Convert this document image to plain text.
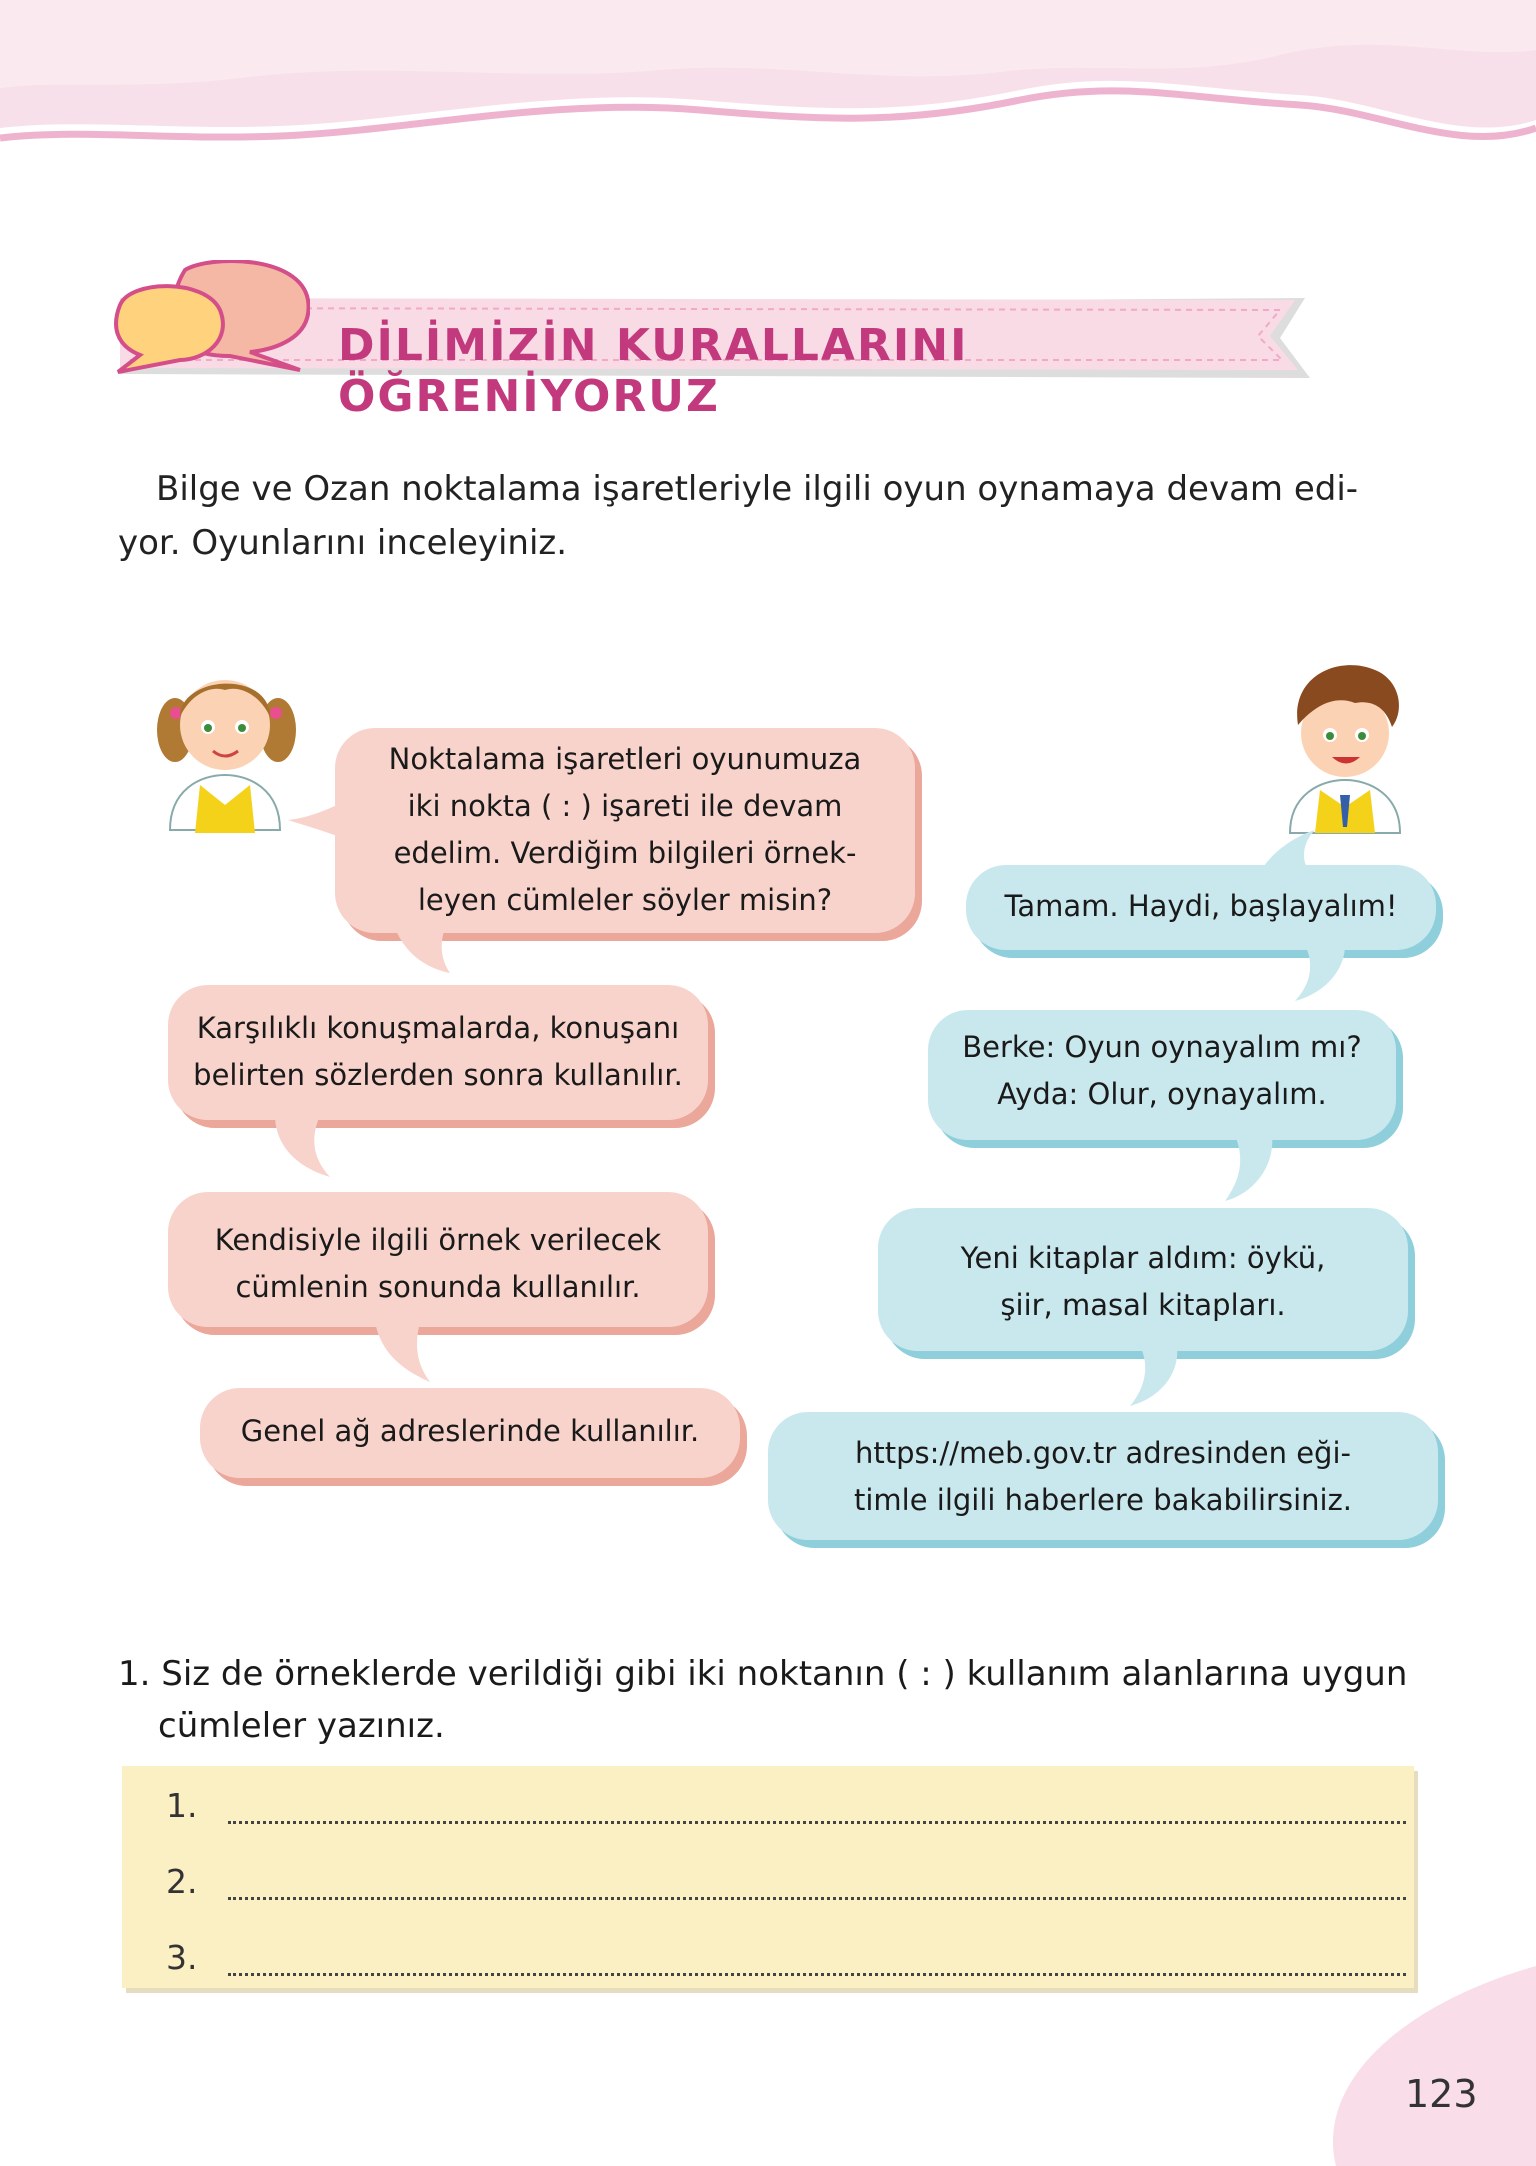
DİLİMİZİN KURALLARINI ÖĞRENİYORUZ
Bilge ve Ozan noktalama işaretleriyle ilgili oyun oynamaya devam edi-
yor. Oyunlarını inceleyiniz.
Noktalama işaretleri oyunumuza
iki nokta ( : ) işareti ile devam
edelim. Verdiğim bilgileri örnek-
leyen cümleler söyler misin?
Karşılıklı konuşmalarda, konuşanı
belirten sözlerden sonra kullanılır.
Kendisiyle ilgili örnek verilecek
cümlenin sonunda kullanılır.
Genel ağ adreslerinde kullanılır.
Tamam. Haydi, başlayalım!
Berke: Oyun oynayalım mı?
Ayda: Olur, oynayalım.
Yeni kitaplar aldım: öykü,
şiir, masal kitapları.
https://meb.gov.tr adresinden eği-
timle ilgili haberlere bakabilirsiniz.
1. Siz de örneklerde verildiği gibi iki noktanın ( : ) kullanım alanlarına uygun
cümleler yazınız.
1.
2.
3.
123
